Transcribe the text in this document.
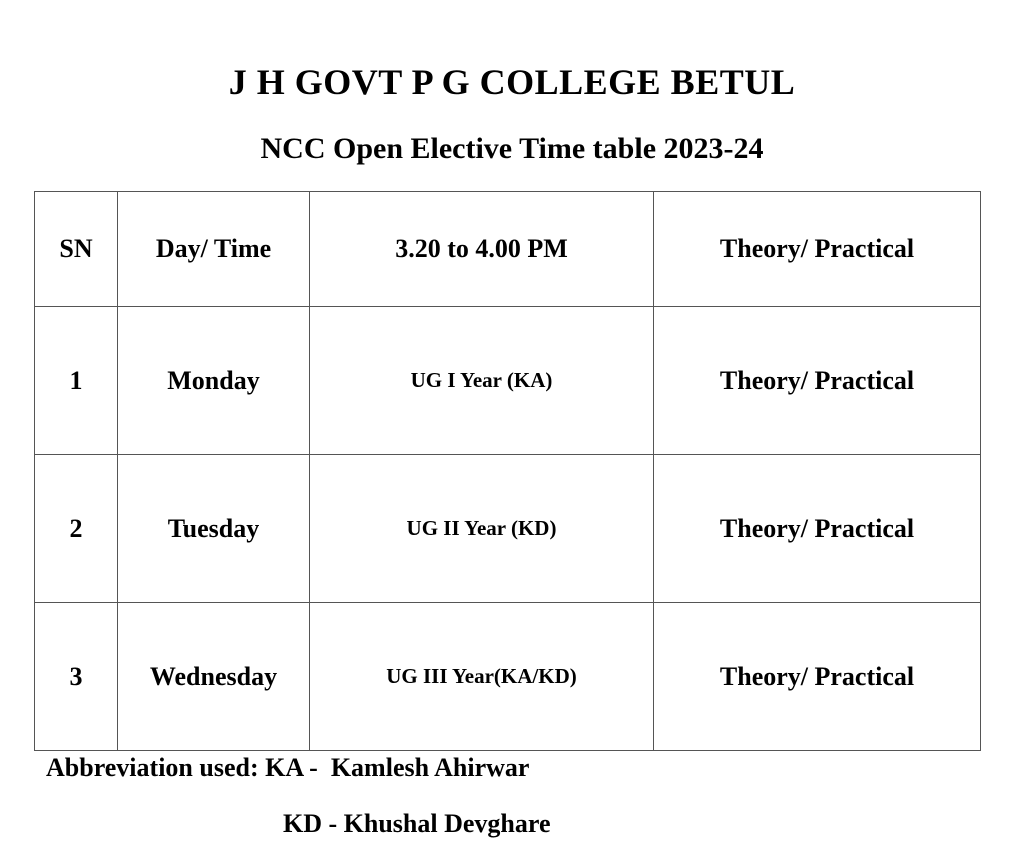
J H GOVT P G COLLEGE BETUL
NCC Open Elective Time table 2023-24
SN	Day/ Time	3.20 to 4.00 PM	Theory/ Practical
1	Monday	UG I Year (KA)	Theory/ Practical
2	Tuesday	UG II Year (KD)	Theory/ Practical
3	Wednesday	UG III Year(KA/KD)	Theory/ Practical
Abbreviation used: KA -  Kamlesh Ahirwar
KD - Khushal Devghare
